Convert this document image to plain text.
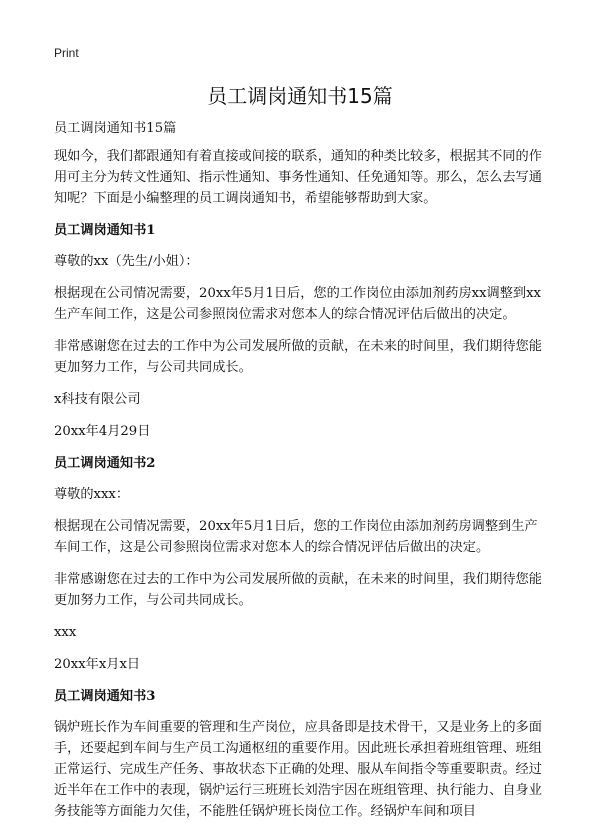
Print
员工调岗通知书15篇

员工调岗通知书15篇

现如今，我们都跟通知有着直接或间接的联系，通知的种类比较多，根据其不同的作用可主分为转文性通知、指示性通知、事务性通知、任免通知等。那么，怎么去写通知呢？下面是小编整理的员工调岗通知书，希望能够帮助到大家。

员工调岗通知书1

尊敬的xx（先生/小姐）：

根据现在公司情况需要，20xx年5月1日后，您的工作岗位由添加剂药房xx调整到xx生产车间工作，这是公司参照岗位需求对您本人的综合情况评估后做出的决定。

非常感谢您在过去的工作中为公司发展所做的贡献，在未来的时间里，我们期待您能更加努力工作，与公司共同成长。

x科技有限公司

20xx年4月29日

员工调岗通知书2

尊敬的xxx：

根据现在公司情况需要，20xx年5月1日后，您的工作岗位由添加剂药房调整到生产车间工作，这是公司参照岗位需求对您本人的综合情况评估后做出的决定。

非常感谢您在过去的工作中为公司发展所做的贡献，在未来的时间里，我们期待您能更加努力工作，与公司共同成长。

xxx

20xx年x月x日

员工调岗通知书3

锅炉班长作为车间重要的管理和生产岗位，应具备即是技术骨干，又是业务上的多面手，还要起到车间与生产员工沟通枢纽的重要作用。因此班长承担着班组管理、班组正常运行、完成生产任务、事故状态下正确的处理、服从车间指令等重要职责。经过近半年在工作中的表现，锅炉运行三班班长刘浩宇因在班组管理、执行能力、自身业务技能等方面能力欠佳，不能胜任锅炉班长岗位工作。经锅炉车间和项目
